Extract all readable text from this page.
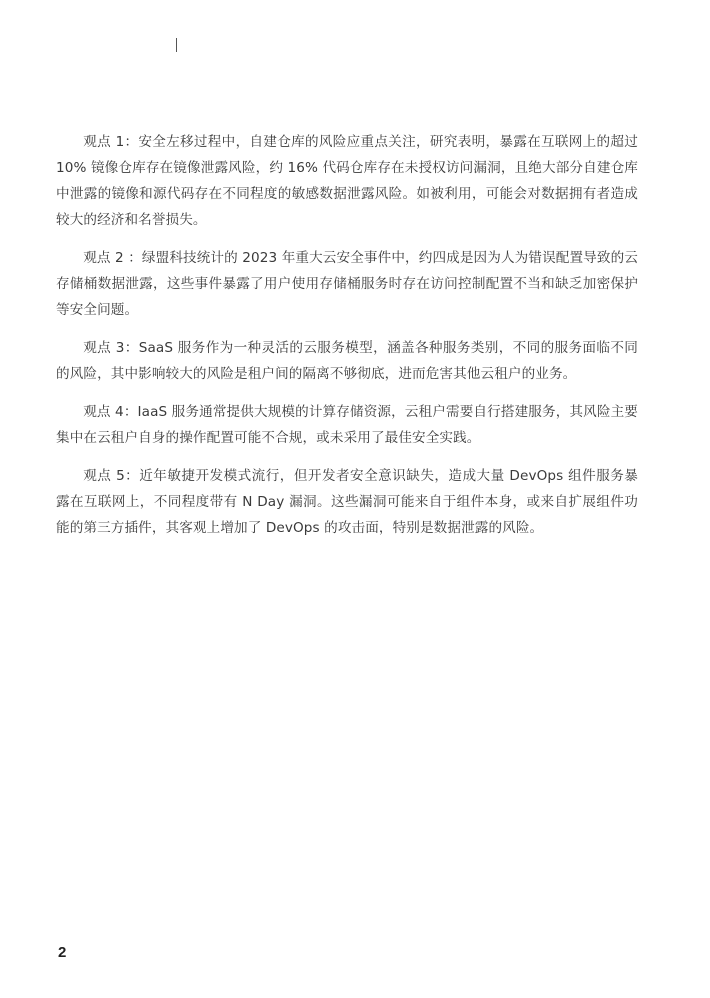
观点 1：安全左移过程中，自建仓库的风险应重点关注，研究表明，暴露在互联网上的超过 10% 镜像仓库存在镜像泄露风险，约 16% 代码仓库存在未授权访问漏洞，且绝大部分自建仓库中泄露的镜像和源代码存在不同程度的敏感数据泄露风险。如被利用，可能会对数据拥有者造成较大的经济和名誉损失。

观点 2 ：绿盟科技统计的 2023 年重大云安全事件中，约四成是因为人为错误配置导致的云存储桶数据泄露，这些事件暴露了用户使用存储桶服务时存在访问控制配置不当和缺乏加密保护等安全问题。

观点 3：SaaS 服务作为一种灵活的云服务模型，涵盖各种服务类别，不同的服务面临不同的风险，其中影响较大的风险是租户间的隔离不够彻底，进而危害其他云租户的业务。

观点 4：IaaS 服务通常提供大规模的计算存储资源，云租户需要自行搭建服务，其风险主要集中在云租户自身的操作配置可能不合规，或未采用了最佳安全实践。

观点 5：近年敏捷开发模式流行，但开发者安全意识缺失，造成大量 DevOps 组件服务暴露在互联网上，不同程度带有 N Day 漏洞。这些漏洞可能来自于组件本身，或来自扩展组件功能的第三方插件，其客观上增加了 DevOps 的攻击面，特别是数据泄露的风险。

2
